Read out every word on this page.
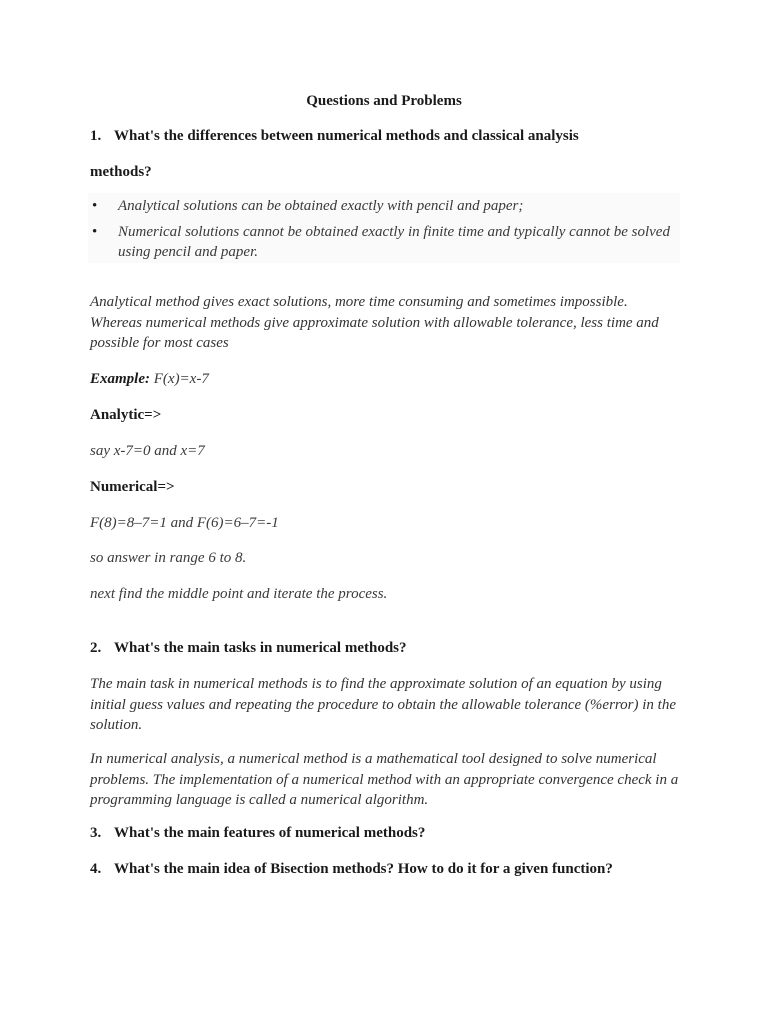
Questions and Problems
1. What's the differences between numerical methods and classical analysis
methods?
• Analytical solutions can be obtained exactly with pencil and paper;
• Numerical solutions cannot be obtained exactly in finite time and typically cannot be solved using pencil and paper.
Analytical method gives exact solutions, more time consuming and sometimes impossible. Whereas numerical methods give approximate solution with allowable tolerance, less time and possible for most cases
Example: F(x)=x-7
Analytic=>
say x-7=0 and x=7
Numerical=>
F(8)=8–7=1 and F(6)=6–7=-1
so answer in range 6 to 8.
next find the middle point and iterate the process.
2. What's the main tasks in numerical methods?
The main task in numerical methods is to find the approximate solution of an equation by using initial guess values and repeating the procedure to obtain the allowable tolerance (%error) in the solution.
In numerical analysis, a numerical method is a mathematical tool designed to solve numerical problems. The implementation of a numerical method with an appropriate convergence check in a programming language is called a numerical algorithm.
3. What's the main features of numerical methods?
4. What's the main idea of Bisection methods? How to do it for a given function?
